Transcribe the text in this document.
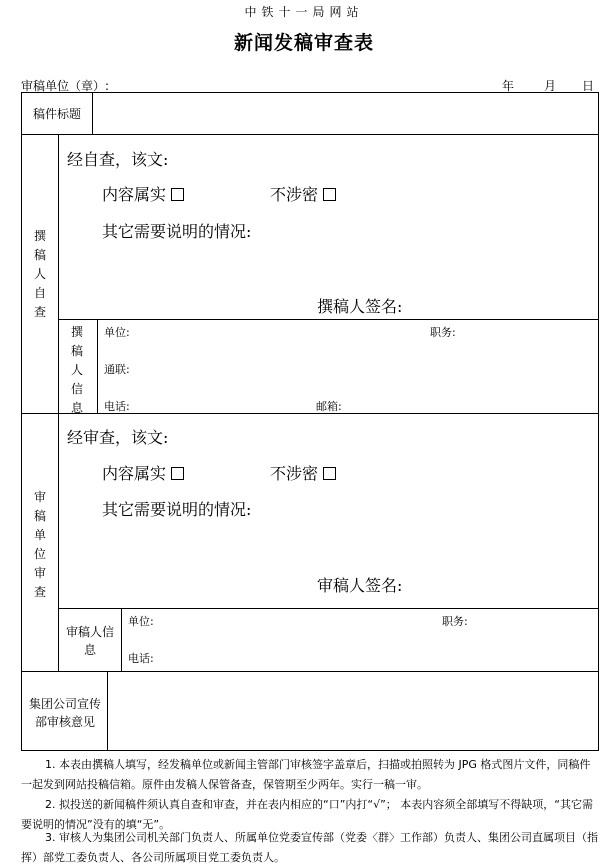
中铁十一局网站
新闻发稿审查表
审稿单位（章）:	年 月 日
稿件标题
撰稿人自查
经自查，该文:
内容属实	不涉密
其它需要说明的情况:
撰稿人签名:
撰稿人信息
单位:	职务:
通联:
电话:	邮箱:
审稿单位审查
经审查，该文:
内容属实	不涉密
其它需要说明的情况:
审稿人签名:
审稿人信息
单位:	职务:
电话:
集团公司宣传部审核意见
1. 本表由撰稿人填写，经发稿单位或新闻主管部门审核签字盖章后，扫描或拍照转为 JPG 格式图片文件，同稿件一起发到网站投稿信箱。原件由发稿人保管备查，保管期至少两年。实行一稿一审。
2. 拟投送的新闻稿件须认真自查和审查，并在表内相应的“口”内打“√”； 本表内容须全部填写不得缺项，“其它需要说明的情况”没有的填“无”。
3. 审核人为集团公司机关部门负责人、所属单位党委宣传部（党委〈群〉工作部）负责人、集团公司直属项目（指挥）部党工委负责人、各公司所属项目党工委负责人。
